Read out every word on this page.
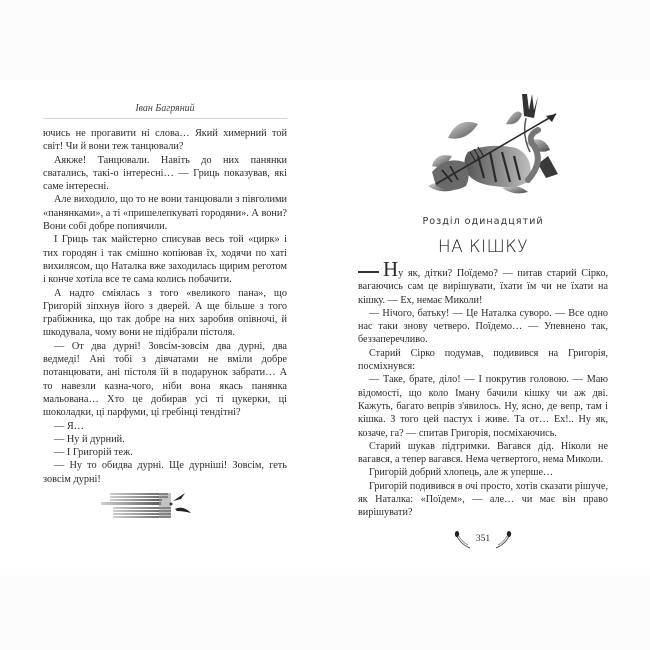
Іван Багряний

ючись не прогавити ні слова… Який химерний той світ! Чи й вони теж танцювали?

Аякже! Танцювали. Навіть до них панянки сватались, такі-о інтересні… — Гриць показував, які саме інтересні.

Але виходило, що то не вони танцювали з півголими «панянками», а ті «пришелепкуваті городяни». А вони? Вони собі добре попиячили.

І Гриць так майстерно списував весь той «цирк» і тих городян і так смішно копіював їх, ходячи по хаті вихилясом, що Наталка вже заходилась щирим реготом і конче хотіла все те сама колись побачити.

А надто сміялась з того «великого пана», що Григорій зіпхнув його з дверей. А ще більше з того грабіжника, що так добре на них заробив опівночі, й шкодувала, чому вони не підібрали пістоля.

— От два дурні! Зовсім-зовсім два дурні, два ведмеді! Ані тобі з дівчатами не вміли добре потанцювати, ані пістоля їй в подарунок забрати… А то навезли казна-чого, ніби вона якась панянка мальована… Хто це добирав усі ті цукерки, ці шоколадки, ці парфуми, ці гребінці тендітні?

— Я…

— Ну й дурний.

— І Григорій теж.

— Ну то обидва дурні. Ще дурніші! Зовсім, геть зовсім дурні!

Розділ одинадцятий
НА КІШКУ

Ну як, дітки? Поїдемо? — питав старий Сірко, вагаючись сам це вирішувати, їхати їм чи не їхати на кішку. — Ех, немає Миколи!

— Нічого, батьку! — Це Наталка суворо. — Все одно нас таки знову четверо. Поїдемо… — Упевнено так, беззаперечливо.

Старий Сірко подумав, подивився на Григорія, посміхнувся:

— Таке, брате, діло! — І покрутив головою. — Маю відомості, що коло Іману бачили кішку чи аж дві. Кажуть, багато вепрів з'явилось. Ну, ясно, де вепр, там і кішка. З того цей пастух і живе. Та от… Ех!.. Ну як, козаче, га? — спитав Григорія, посміхаючись.

Старий шукав підтримки. Вагався дід. Ніколи не вагався, а тепер вагався. Нема четвертого, нема Миколи.

Григорій добрий хлопець, але ж уперше…

Григорій подивився в очі просто, хотів сказати рішуче, як Наталка: «Поїдем», — але… чи має він право вирішувати?

351
